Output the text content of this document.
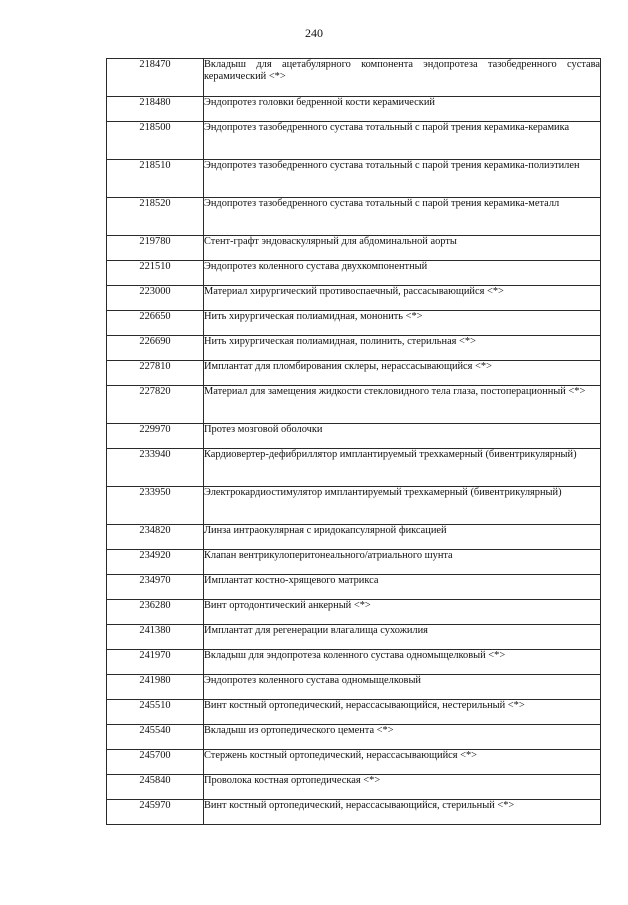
240
218470	Вкладыш для ацетабулярного компонента эндопротеза тазобедренного сустава керамический <*>
218480	Эндопротез головки бедренной кости керамический
218500	Эндопротез тазобедренного сустава тотальный с парой трения керамика-керамика
218510	Эндопротез тазобедренного сустава тотальный с парой трения керамика-полиэтилен
218520	Эндопротез тазобедренного сустава тотальный с парой трения керамика-металл
219780	Стент-графт эндоваскулярный для абдоминальной аорты
221510	Эндопротез коленного сустава двухкомпонентный
223000	Материал хирургический противоспаечный, рассасывающийся <*>
226650	Нить хирургическая полиамидная, мононить <*>
226690	Нить хирургическая полиамидная, полинить, стерильная <*>
227810	Имплантат для пломбирования склеры, нерассасывающийся <*>
227820	Материал для замещения жидкости стекловидного тела глаза, постоперационный <*>
229970	Протез мозговой оболочки
233940	Кардиовертер-дефибриллятор имплантируемый трехкамерный (бивентрикулярный)
233950	Электрокардиостимулятор имплантируемый трехкамерный (бивентрикулярный)
234820	Линза интраокулярная с иридокапсулярной фиксацией
234920	Клапан вентрикулоперитонеального/атриального шунта
234970	Имплантат костно-хрящевого матрикса
236280	Винт ортодонтический анкерный <*>
241380	Имплантат для регенерации влагалища сухожилия
241970	Вкладыш для эндопротеза коленного сустава одномыщелковый <*>
241980	Эндопротез коленного сустава одномыщелковый
245510	Винт костный ортопедический, нерассасывающийся, нестерильный <*>
245540	Вкладыш из ортопедического цемента <*>
245700	Стержень костный ортопедический, нерассасывающийся <*>
245840	Проволока костная ортопедическая <*>
245970	Винт костный ортопедический, нерассасывающийся, стерильный <*>
